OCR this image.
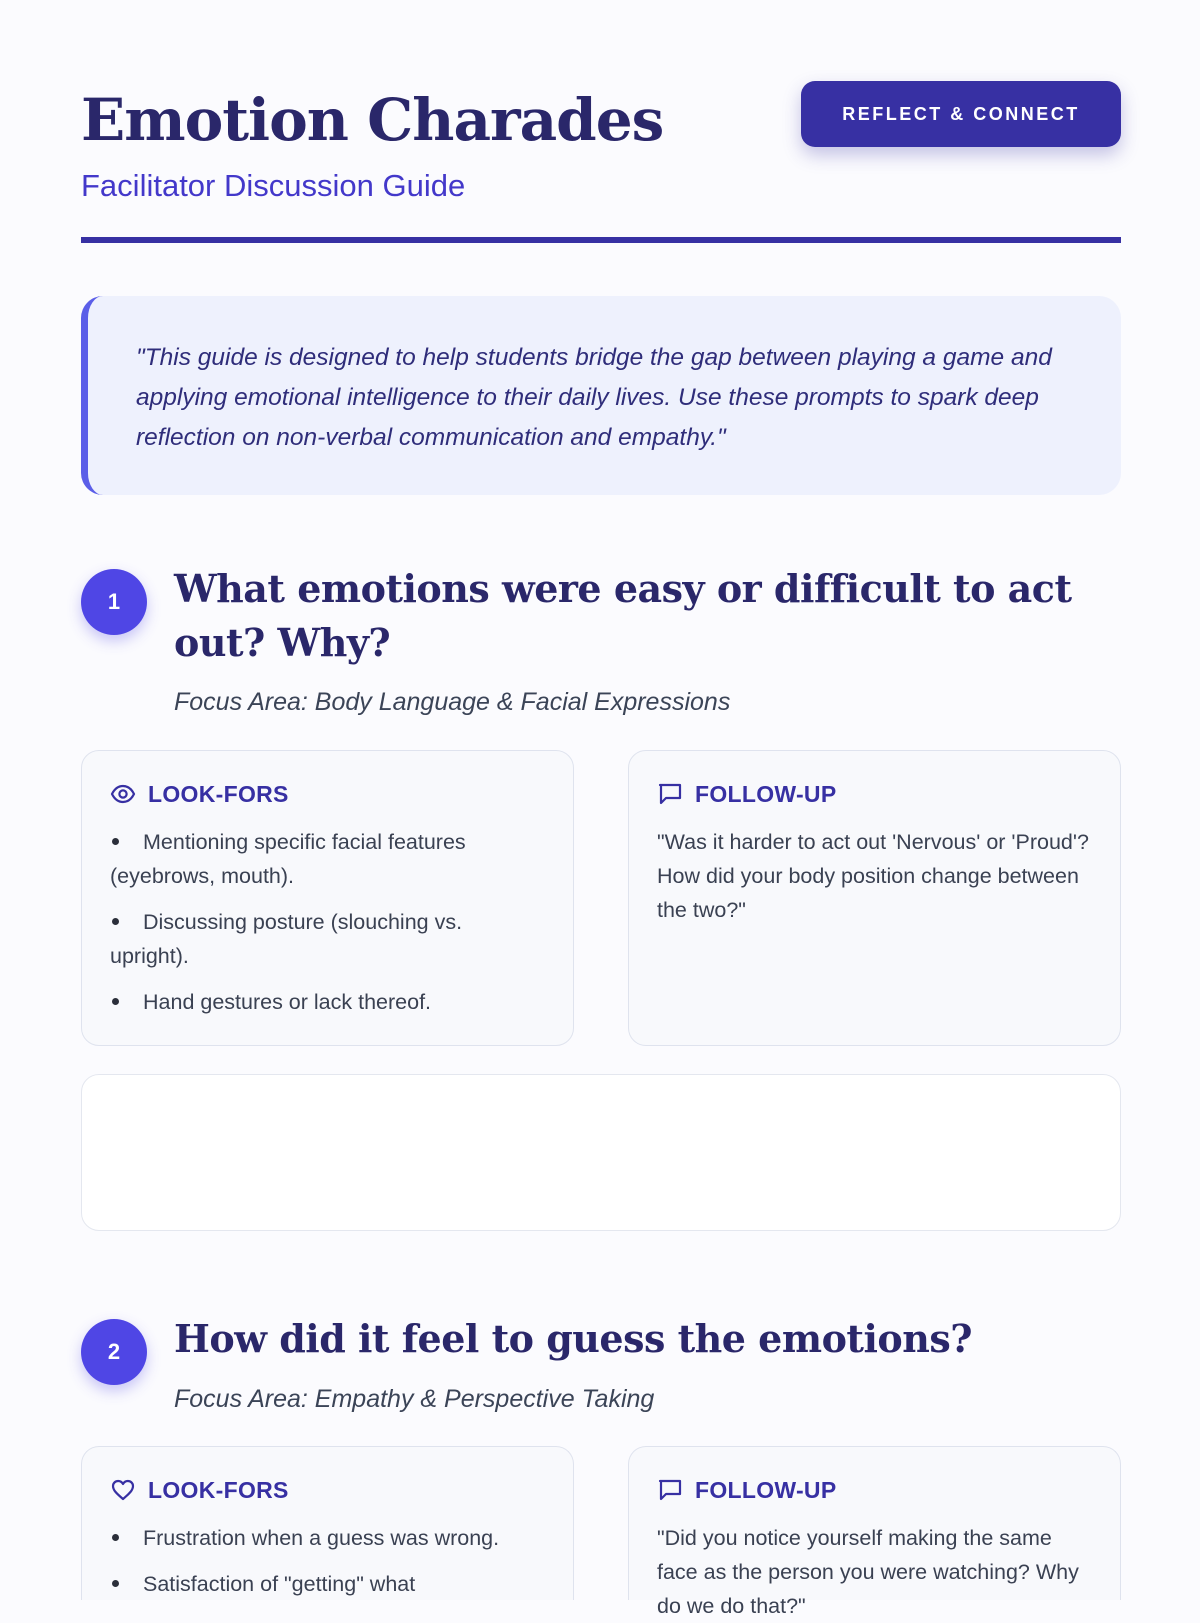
Emotion Charades
Facilitator Discussion Guide
REFLECT & CONNECT
"This guide is designed to help students bridge the gap between playing a game and applying emotional intelligence to their daily lives. Use these prompts to spark deep reflection on non-verbal communication and empathy."
1	What emotions were easy or difficult to act out? Why?
Focus Area: Body Language & Facial Expressions
LOOK-FORS
Mentioning specific facial features (eyebrows, mouth).
Discussing posture (slouching vs. upright).
Hand gestures or lack thereof.
FOLLOW-UP

"Was it harder to act out 'Nervous' or 'Proud'? How did your body position change between the two?"

2	How did it feel to guess the emotions?
Focus Area: Empathy & Perspective Taking
LOOK-FORS
Frustration when a guess was wrong.
Satisfaction of "getting" what
FOLLOW-UP

"Did you notice yourself making the same face as the person you were watching? Why do we do that?"
